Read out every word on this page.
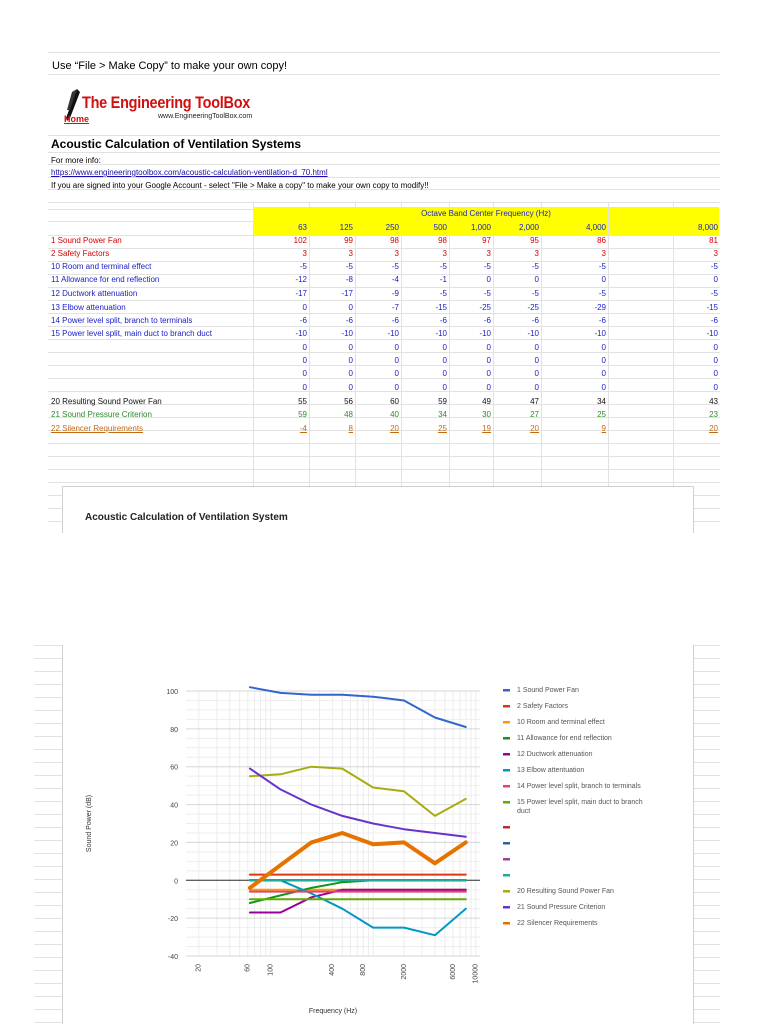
Use “File > Make Copy” to make your own copy!
The Engineering ToolBox
www.EngineeringToolBox.com
Home
Acoustic Calculation of Ventilation Systems
For more info:
https://www.engineeringtoolbox.com/acoustic-calculation-ventilation-d_70.html
If you are signed into your Google Account - select "File > Make a copy" to make your own copy to modify!!
Octave Band Center Frequency (Hz)
63	125	250	500	1,000	2,000	4,000	8,000
1 Sound Power Fan	102	99	98	98	97	95	86	81
2 Safety Factors	3	3	3	3	3	3	3	3
10 Room and terminal effect	-5	-5	-5	-5	-5	-5	-5	-5
11 Allowance for end reflection	-12	-8	-4	-1	0	0	0	0
12 Ductwork attenuation	-17	-17	-9	-5	-5	-5	-5	-5
13 Elbow attenuation	0	0	-7	-15	-25	-25	-29	-15
14 Power level split, branch to terminals	-6	-6	-6	-6	-6	-6	-6	-6
15 Power level split, main duct to branch duct	-10	-10	-10	-10	-10	-10	-10	-10
0	0	0	0	0	0	0	0
0	0	0	0	0	0	0	0
0	0	0	0	0	0	0	0
0	0	0	0	0	0	0	0
20 Resulting Sound Power Fan	55	56	60	59	49	47	34	43
21 Sound Pressure Criterion	59	48	40	34	30	27	25	23
22 Silencer Requirements	-4	8	20	25	19	20	9	20
Acoustic Calculation of Ventilation System
-40
-20
0
20
40
60
80
100
20	60 100	400	800	2000	6000 10000
Frequency (Hz)
Sound Power (dB)
1 Sound Power Fan
2 Safety Factors
10 Room and terminal effect
11 Allowance for end reflection
12 Ductwork attenuation
13 Elbow attentuation
14 Power level split, branch to terminals
15 Power level split, main duct to branch
duct
20 Resulting Sound Power Fan
21 Sound Pressure Criterion
22 Silencer Requirements
